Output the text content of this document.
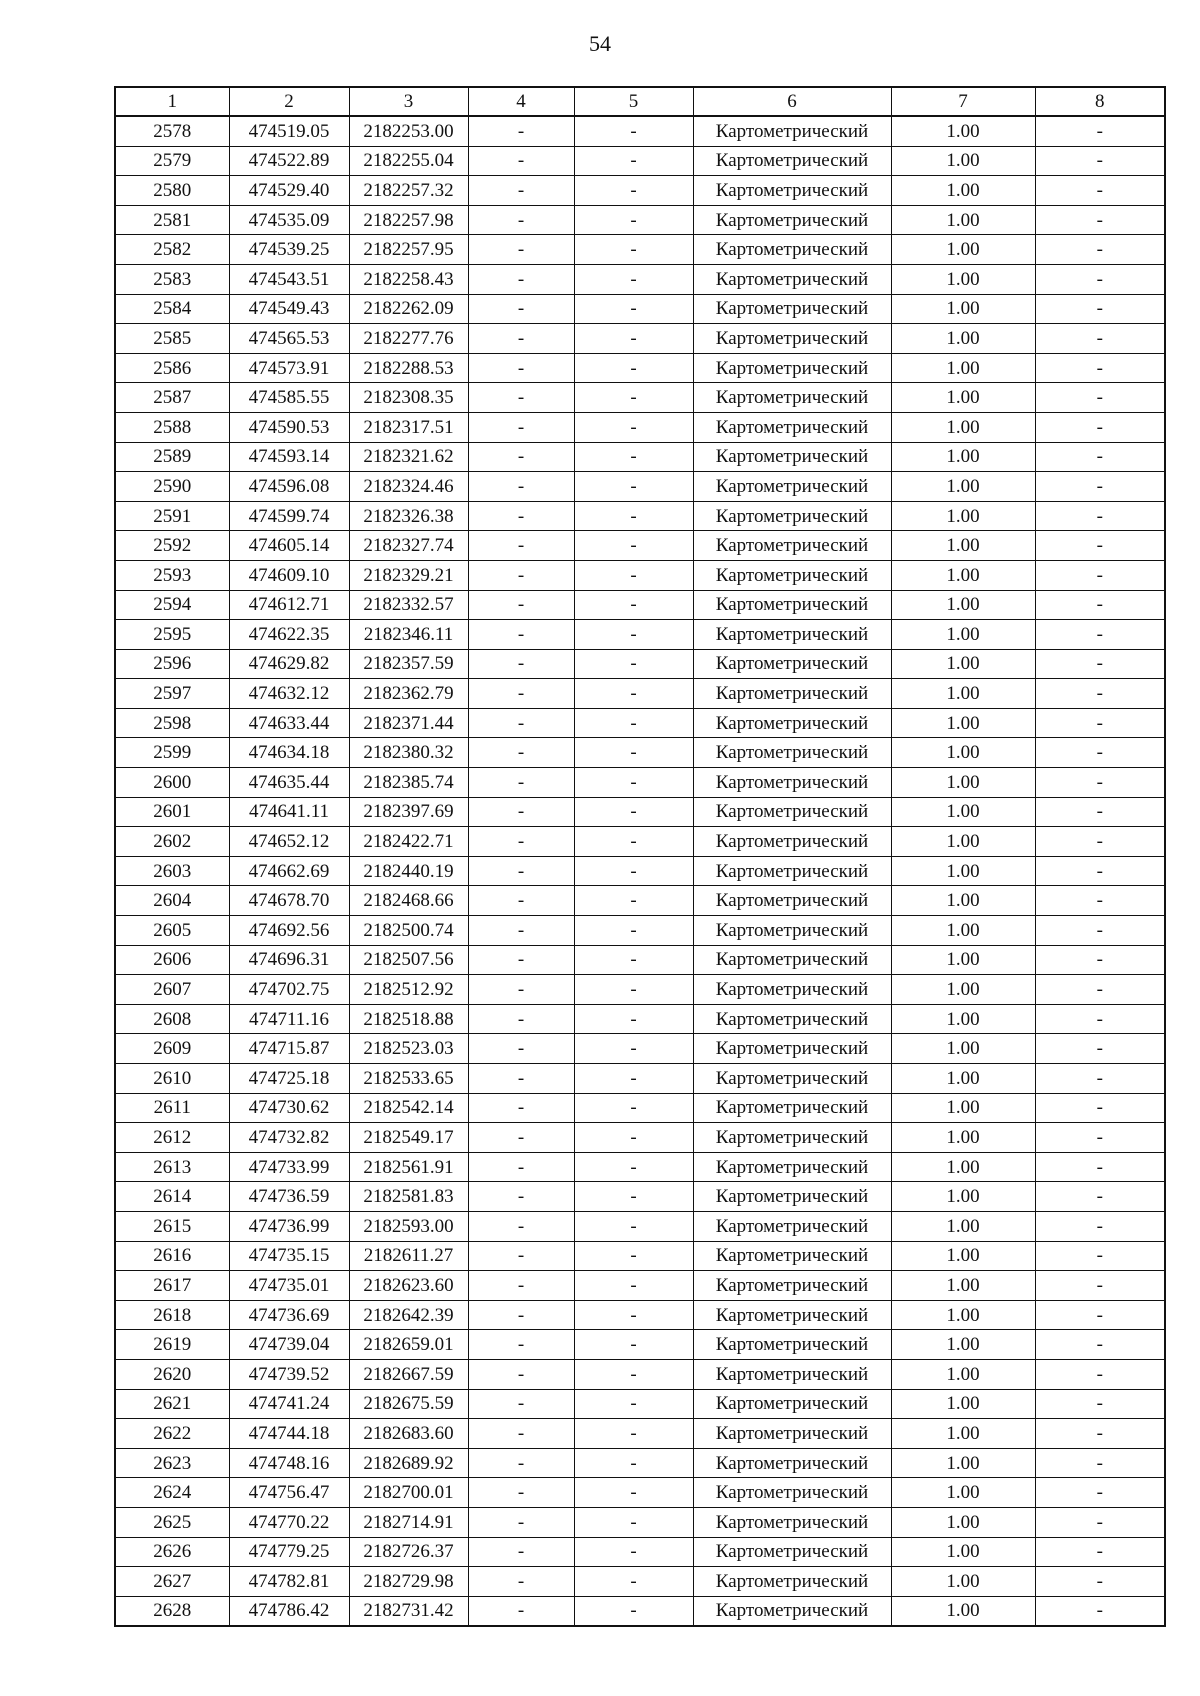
54
1	2	3	4	5	6	7	8
2578	474519.05	2182253.00	-	-	Картометрический	1.00	-
2579	474522.89	2182255.04	-	-	Картометрический	1.00	-
2580	474529.40	2182257.32	-	-	Картометрический	1.00	-
2581	474535.09	2182257.98	-	-	Картометрический	1.00	-
2582	474539.25	2182257.95	-	-	Картометрический	1.00	-
2583	474543.51	2182258.43	-	-	Картометрический	1.00	-
2584	474549.43	2182262.09	-	-	Картометрический	1.00	-
2585	474565.53	2182277.76	-	-	Картометрический	1.00	-
2586	474573.91	2182288.53	-	-	Картометрический	1.00	-
2587	474585.55	2182308.35	-	-	Картометрический	1.00	-
2588	474590.53	2182317.51	-	-	Картометрический	1.00	-
2589	474593.14	2182321.62	-	-	Картометрический	1.00	-
2590	474596.08	2182324.46	-	-	Картометрический	1.00	-
2591	474599.74	2182326.38	-	-	Картометрический	1.00	-
2592	474605.14	2182327.74	-	-	Картометрический	1.00	-
2593	474609.10	2182329.21	-	-	Картометрический	1.00	-
2594	474612.71	2182332.57	-	-	Картометрический	1.00	-
2595	474622.35	2182346.11	-	-	Картометрический	1.00	-
2596	474629.82	2182357.59	-	-	Картометрический	1.00	-
2597	474632.12	2182362.79	-	-	Картометрический	1.00	-
2598	474633.44	2182371.44	-	-	Картометрический	1.00	-
2599	474634.18	2182380.32	-	-	Картометрический	1.00	-
2600	474635.44	2182385.74	-	-	Картометрический	1.00	-
2601	474641.11	2182397.69	-	-	Картометрический	1.00	-
2602	474652.12	2182422.71	-	-	Картометрический	1.00	-
2603	474662.69	2182440.19	-	-	Картометрический	1.00	-
2604	474678.70	2182468.66	-	-	Картометрический	1.00	-
2605	474692.56	2182500.74	-	-	Картометрический	1.00	-
2606	474696.31	2182507.56	-	-	Картометрический	1.00	-
2607	474702.75	2182512.92	-	-	Картометрический	1.00	-
2608	474711.16	2182518.88	-	-	Картометрический	1.00	-
2609	474715.87	2182523.03	-	-	Картометрический	1.00	-
2610	474725.18	2182533.65	-	-	Картометрический	1.00	-
2611	474730.62	2182542.14	-	-	Картометрический	1.00	-
2612	474732.82	2182549.17	-	-	Картометрический	1.00	-
2613	474733.99	2182561.91	-	-	Картометрический	1.00	-
2614	474736.59	2182581.83	-	-	Картометрический	1.00	-
2615	474736.99	2182593.00	-	-	Картометрический	1.00	-
2616	474735.15	2182611.27	-	-	Картометрический	1.00	-
2617	474735.01	2182623.60	-	-	Картометрический	1.00	-
2618	474736.69	2182642.39	-	-	Картометрический	1.00	-
2619	474739.04	2182659.01	-	-	Картометрический	1.00	-
2620	474739.52	2182667.59	-	-	Картометрический	1.00	-
2621	474741.24	2182675.59	-	-	Картометрический	1.00	-
2622	474744.18	2182683.60	-	-	Картометрический	1.00	-
2623	474748.16	2182689.92	-	-	Картометрический	1.00	-
2624	474756.47	2182700.01	-	-	Картометрический	1.00	-
2625	474770.22	2182714.91	-	-	Картометрический	1.00	-
2626	474779.25	2182726.37	-	-	Картометрический	1.00	-
2627	474782.81	2182729.98	-	-	Картометрический	1.00	-
2628	474786.42	2182731.42	-	-	Картометрический	1.00	-
